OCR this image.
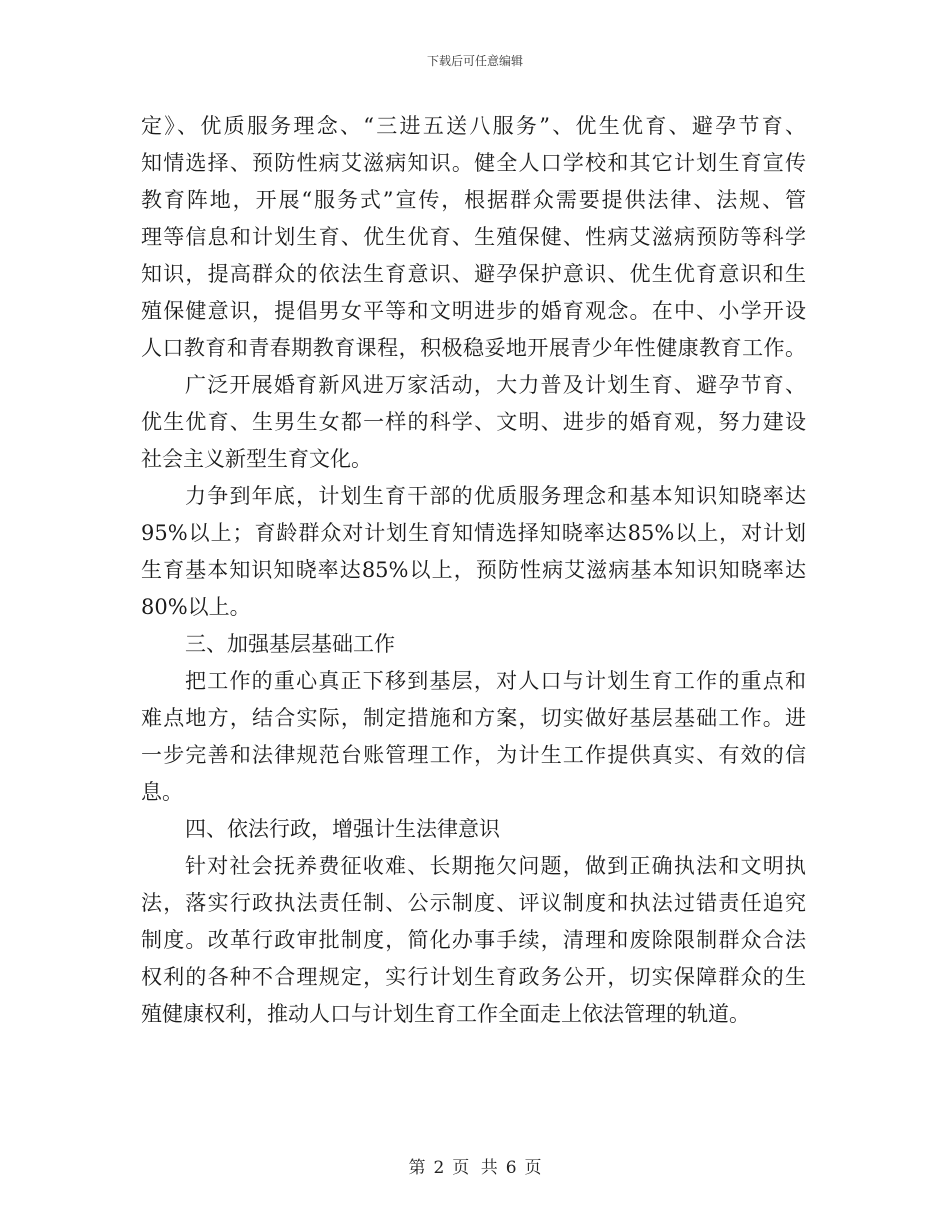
下载后可任意编辑
定》、优质服务理念、“三进五送八服务”、优生优育、避孕节育、
知情选择、预防性病艾滋病知识。健全人口学校和其它计划生育宣传
教育阵地，开展“服务式”宣传，根据群众需要提供法律、法规、管
理等信息和计划生育、优生优育、生殖保健、性病艾滋病预防等科学
知识，提高群众的依法生育意识、避孕保护意识、优生优育意识和生
殖保健意识，提倡男女平等和文明进步的婚育观念。在中、小学开设
人口教育和青春期教育课程，积极稳妥地开展青少年性健康教育工作。
广泛开展婚育新风进万家活动，大力普及计划生育、避孕节育、
优生优育、生男生女都一样的科学、文明、进步的婚育观，努力建设
社会主义新型生育文化。
力争到年底，计划生育干部的优质服务理念和基本知识知晓率达
95%以上；育龄群众对计划生育知情选择知晓率达85%以上，对计划
生育基本知识知晓率达85%以上，预防性病艾滋病基本知识知晓率达
80%以上。
三、加强基层基础工作
把工作的重心真正下移到基层，对人口与计划生育工作的重点和
难点地方，结合实际，制定措施和方案，切实做好基层基础工作。进
一步完善和法律规范台账管理工作，为计生工作提供真实、有效的信
息。
四、依法行政，增强计生法律意识
针对社会抚养费征收难、长期拖欠问题，做到正确执法和文明执
法，落实行政执法责任制、公示制度、评议制度和执法过错责任追究
制度。改革行政审批制度，简化办事手续，清理和废除限制群众合法
权利的各种不合理规定，实行计划生育政务公开，切实保障群众的生
殖健康权利，推动人口与计划生育工作全面走上依法管理的轨道。
第 2 页 共 6 页
